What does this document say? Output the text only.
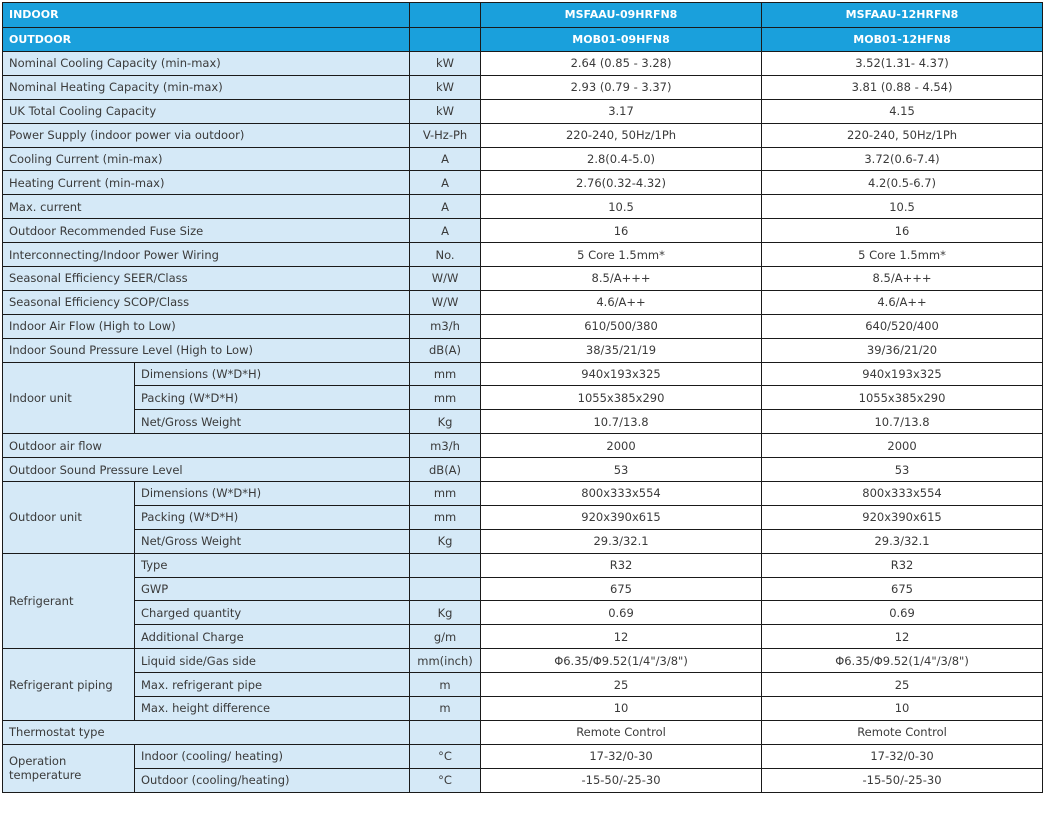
INDOOR			MSFAAU-09HRFN8	MSFAAU-12HRFN8
OUTDOOR			MOB01-09HFN8	MOB01-12HFN8
Nominal Cooling Capacity (min-max)		kW	2.64 (0.85 - 3.28)	3.52(1.31- 4.37)
Nominal Heating Capacity (min-max)		kW	2.93 (0.79 - 3.37)	3.81 (0.88 - 4.54)
UK Total Cooling Capacity		kW	3.17	4.15
Power Supply (indoor power via outdoor)		V-Hz-Ph	220-240, 50Hz/1Ph	220-240, 50Hz/1Ph
Cooling Current (min-max)		A	2.8(0.4-5.0)	3.72(0.6-7.4)
Heating Current (min-max)		A	2.76(0.32-4.32)	4.2(0.5-6.7)
Max. current		A	10.5	10.5
Outdoor Recommended Fuse Size		A	16	16
Interconnecting/Indoor Power Wiring		No.	5 Core 1.5mm*	5 Core 1.5mm*
Seasonal Efficiency SEER/Class		W/W	8.5/A+++	8.5/A+++
Seasonal Efficiency SCOP/Class		W/W	4.6/A++	4.6/A++
Indoor Air Flow (High to Low)		m3/h	610/500/380	640/520/400
Indoor Sound Pressure Level (High to Low)		dB(A)	38/35/21/19	39/36/21/20
Indoor unit	Dimensions (W*D*H)	mm	940x193x325	940x193x325
	Packing (W*D*H)	mm	1055x385x290	1055x385x290
	Net/Gross Weight	Kg	10.7/13.8	10.7/13.8
Outdoor air flow		m3/h	2000	2000
Outdoor Sound Pressure Level		dB(A)	53	53
Outdoor unit	Dimensions (W*D*H)	mm	800x333x554	800x333x554
	Packing (W*D*H)	mm	920x390x615	920x390x615
	Net/Gross Weight	Kg	29.3/32.1	29.3/32.1
Refrigerant	Type		R32	R32
	GWP		675	675
	Charged quantity	Kg	0.69	0.69
	Additional Charge	g/m	12	12
Refrigerant piping	Liquid side/Gas side	mm(inch)	Φ6.35/Φ9.52(1/4"/3/8")	Φ6.35/Φ9.52(1/4"/3/8")
	Max. refrigerant pipe	m	25	25
	Max. height difference	m	10	10
Thermostat type			Remote Control	Remote Control
Operation
temperature	Indoor (cooling/ heating)	°C	17-32/0-30	17-32/0-30
	Outdoor (cooling/heating)	°C	-15-50/-25-30	-15-50/-25-30
